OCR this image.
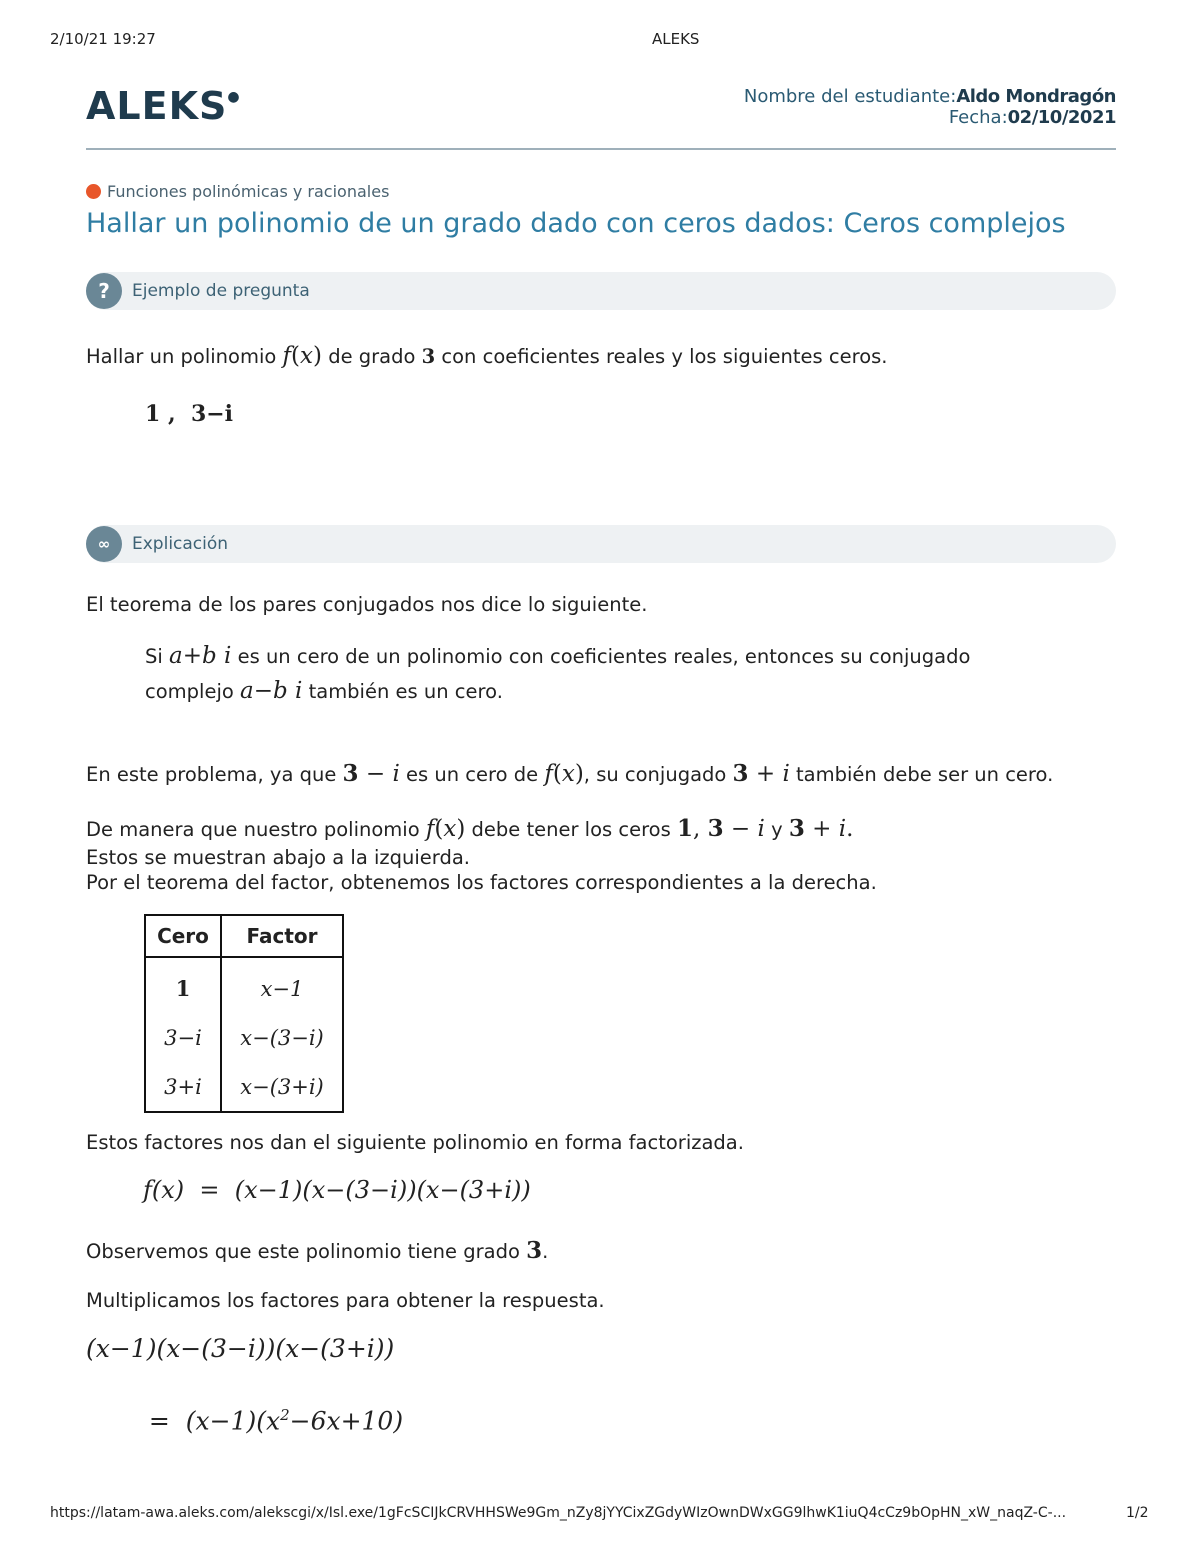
2/10/21 19:27	ALEKS
ALEKS●	Nombre del estudiante:Aldo Mondragón
Fecha:02/10/2021
Funciones polinómicas y racionales
Hallar un polinomio de un grado dado con ceros dados: Ceros complejos
?	Ejemplo de pregunta
Hallar un polinomio f(x) de grado 3 con coeficientes reales y los siguientes ceros.
1 ,  3−i
∞	Explicación
El teorema de los pares conjugados nos dice lo siguiente.
Si a+b i es un cero de un polinomio con coeficientes reales, entonces su conjugado
complejo a−b i también es un cero.
En este problema, ya que 3 − i es un cero de f(x), su conjugado 3 + i también debe ser un cero.
De manera que nuestro polinomio f(x) debe tener los ceros 1, 3 − i y 3 + i.
Estos se muestran abajo a la izquierda.
Por el teorema del factor, obtenemos los factores correspondientes a la derecha.
Cero	Factor
1	x−1
3−i	x−(3−i)
3+i	x−(3+i)
Estos factores nos dan el siguiente polinomio en forma factorizada.
f(x)  =  (x−1)(x−(3−i))(x−(3+i))
Observemos que este polinomio tiene grado 3.
Multiplicamos los factores para obtener la respuesta.
(x−1)(x−(3−i))(x−(3+i))

= $(x-1)(x^2-6x+10)$

https://latam-awa.aleks.com/alekscgi/x/Isl.exe/1gFcSCIJkCRVHHSWe9Gm_nZy8jYYCixZGdyWIzOwnDWxGG9lhwK1iuQ4cCz9bOpHN_xW_naqZ-C-...	1/2
